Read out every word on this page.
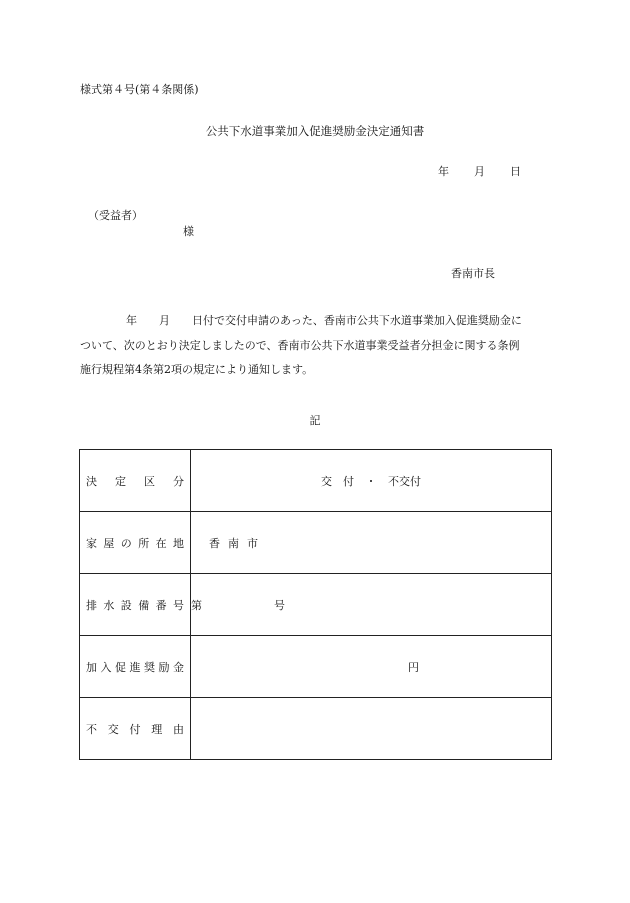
様式第４号(第４条関係)
公共下水道事業加入促進奨励金決定通知書
年 月 日
（受益者）
様
香南市長
年 月 日付で交付申請のあった、香南市公共下水道事業加入促進奨励金に
ついて、次のとおり決定しましたので、香南市公共下水道事業受益者分担金に関する条例
施行規程第4条第2項の規定により通知します。
記
決定区分	交　付 ・ 不交付
家屋の所在地	香南市
排水設備番号	第 号
加入促進奨励金	円
不交付理由	
